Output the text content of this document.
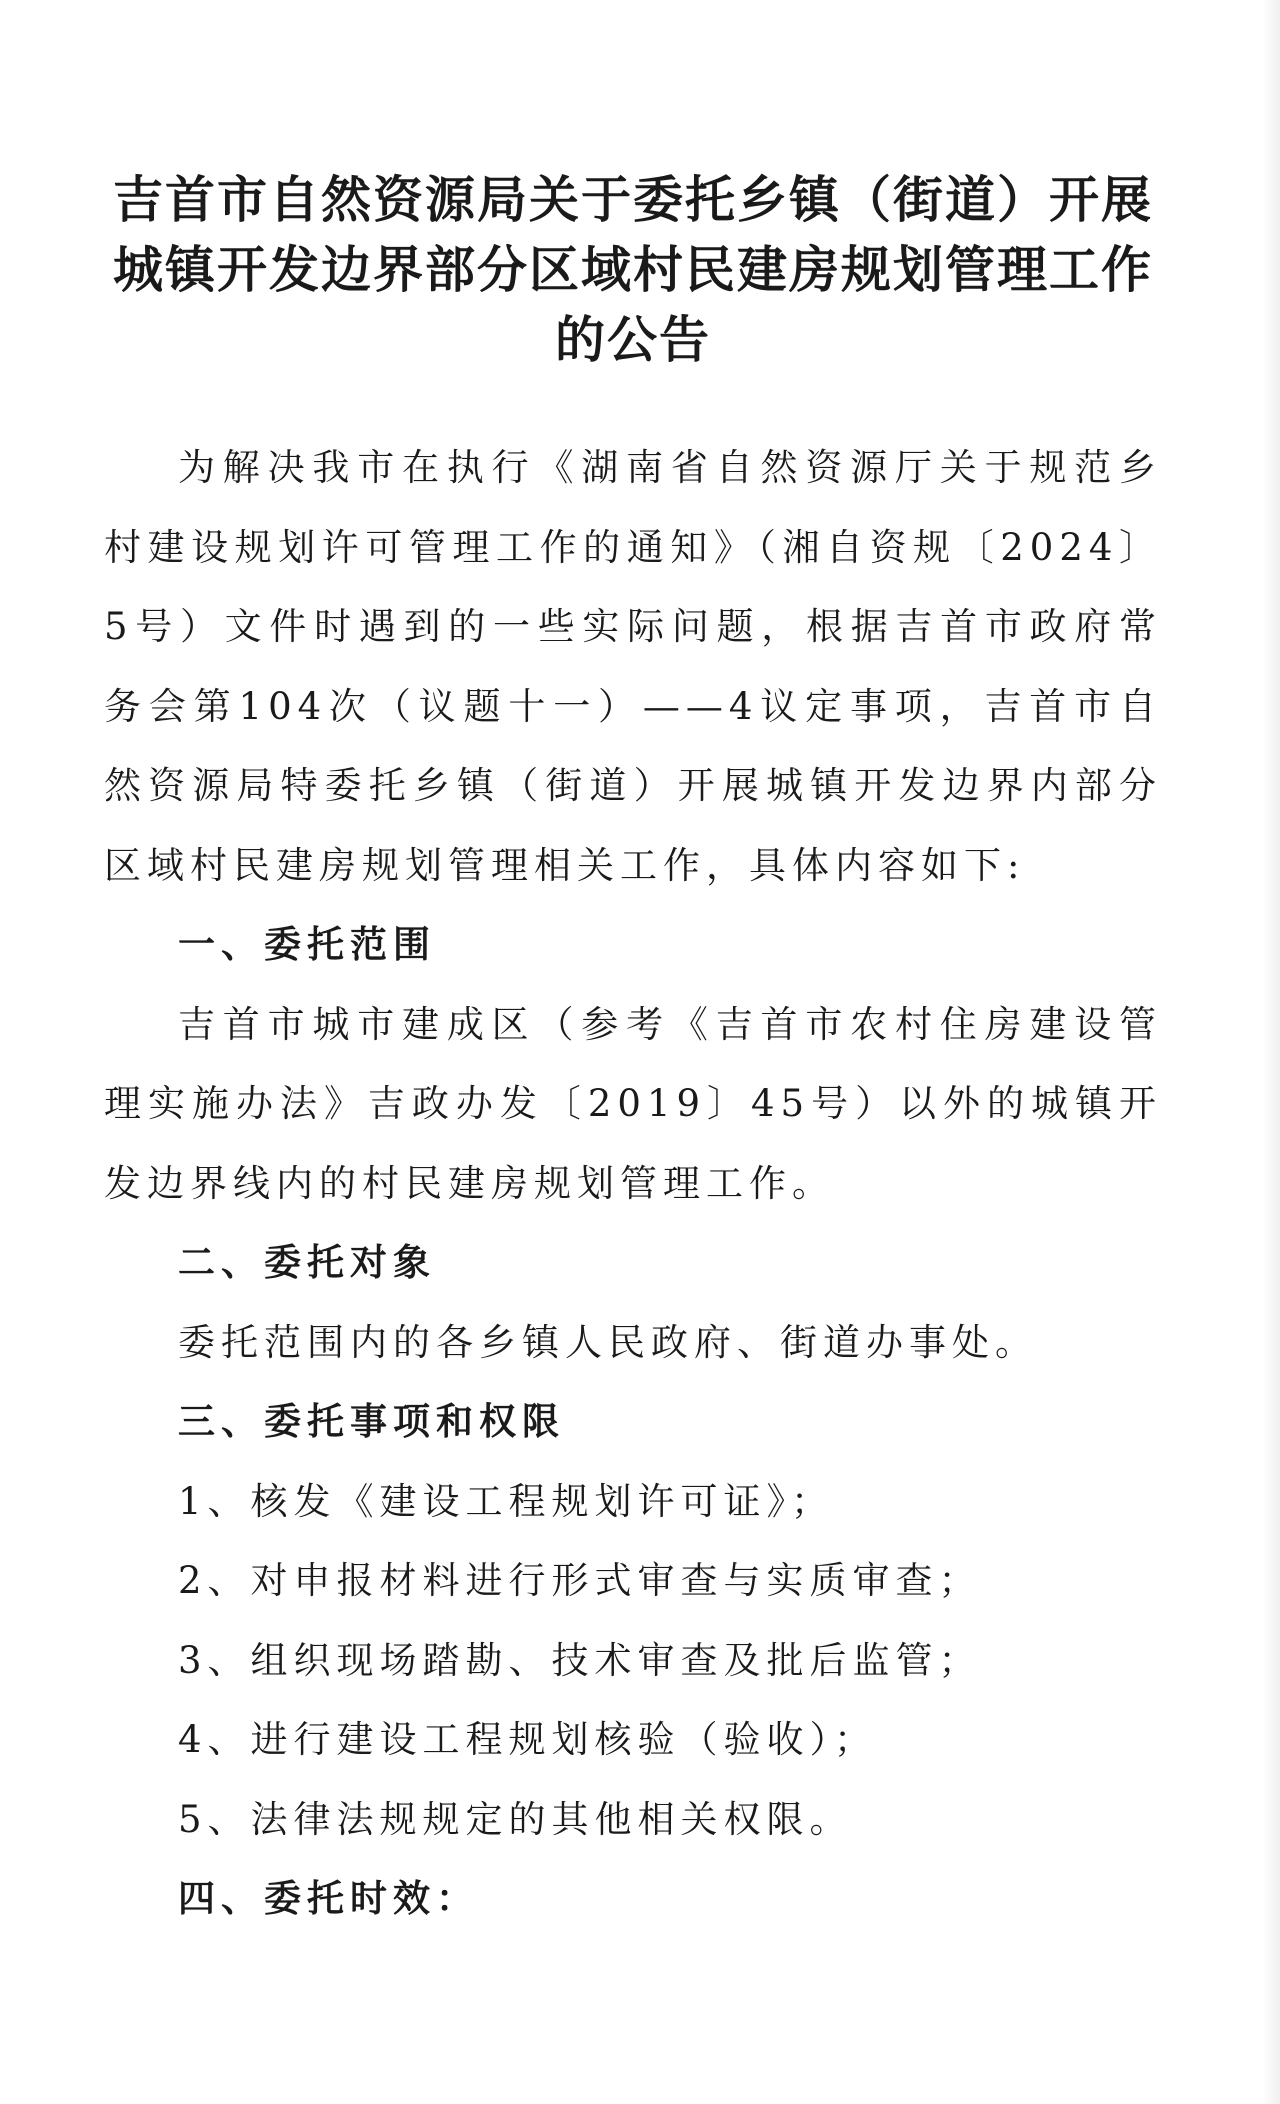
吉首市自然资源局关于委托乡镇（街道）开展城镇开发边界部分区域村民建房规划管理工作的公告

为解决我市在执行《湖南省自然资源厅关于规范乡村建设规划许可管理工作的通知》（湘自资规〔2024〕5号）文件时遇到的一些实际问题，根据吉首市政府常务会第104次（议题十一）——4议定事项，吉首市自然资源局特委托乡镇（街道）开展城镇开发边界内部分区域村民建房规划管理相关工作，具体内容如下:

一、委托范围

吉首市城市建成区（参考《吉首市农村住房建设管理实施办法》吉政办发〔2019〕45号）以外的城镇开发边界线内的村民建房规划管理工作。

二、委托对象

委托范围内的各乡镇人民政府、街道办事处。

三、委托事项和权限

1、核发《建设工程规划许可证》；

2、对申报材料进行形式审查与实质审查；

3、组织现场踏勘、技术审查及批后监管；

4、进行建设工程规划核验（验收）；

5、法律法规规定的其他相关权限。

四、委托时效：
